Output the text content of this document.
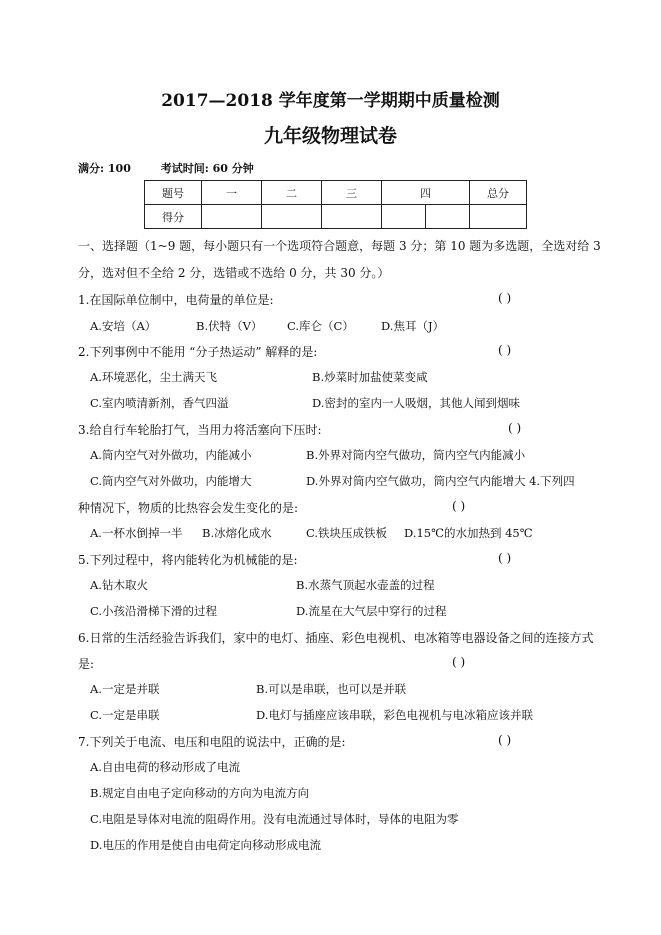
2017—2018 学年度第一学期期中质量检测
九年级物理试卷
满分: 100	考试时间: 60 分钟
题号	一	二	三	四		总分
得分						
一、选择题（1~9 题，每小题只有一个选项符合题意，每题 3 分；第 10 题为多选题，全选对给 3
分，选对但不全给 2 分，选错或不选给 0 分，共 30 分。）
1.在国际单位制中，电荷量的单位是:	( )
A.安培（A）	B.伏特（V） C.库仑（C） D.焦耳（J）
2.下列事例中不能用 “分子热运动” 解释的是:	( )
A.环境恶化，尘土满天飞	B.炒菜时加盐使菜变咸
C.室内喷清新剂，香气四溢	D.密封的室内一人吸烟，其他人闻到烟味
3.给自行车轮胎打气，当用力将活塞向下压时:	( )
A.筒内空气对外做功，内能减小	B.外界对筒内空气做功，筒内空气内能减小
C.筒内空气对外做功，内能增大	D.外界对筒内空气做功，筒内空气内能增大 4.下列四
种情况下，物质的比热容会发生变化的是:	( )
A.一杯水倒掉一半 B.冰熔化成水	C.铁块压成铁板 D.15℃的水加热到 45℃
5.下列过程中，将内能转化为机械能的是:	( )
A.钻木取火	B.水蒸气顶起水壶盖的过程
C.小孩沿滑梯下滑的过程	D.流星在大气层中穿行的过程
6.日常的生活经验告诉我们，家中的电灯、插座、彩色电视机、电冰箱等电器设备之间的连接方式
是:	( )
A.一定是并联	B.可以是串联，也可以是并联
C.一定是串联	D.电灯与插座应该串联，彩色电视机与电冰箱应该并联
7.下列关于电流、电压和电阻的说法中，正确的是:	( )
A.自由电荷的移动形成了电流
B.规定自由电子定向移动的方向为电流方向
C.电阻是导体对电流的阻碍作用。没有电流通过导体时，导体的电阻为零
D.电压的作用是使自由电荷定向移动形成电流
